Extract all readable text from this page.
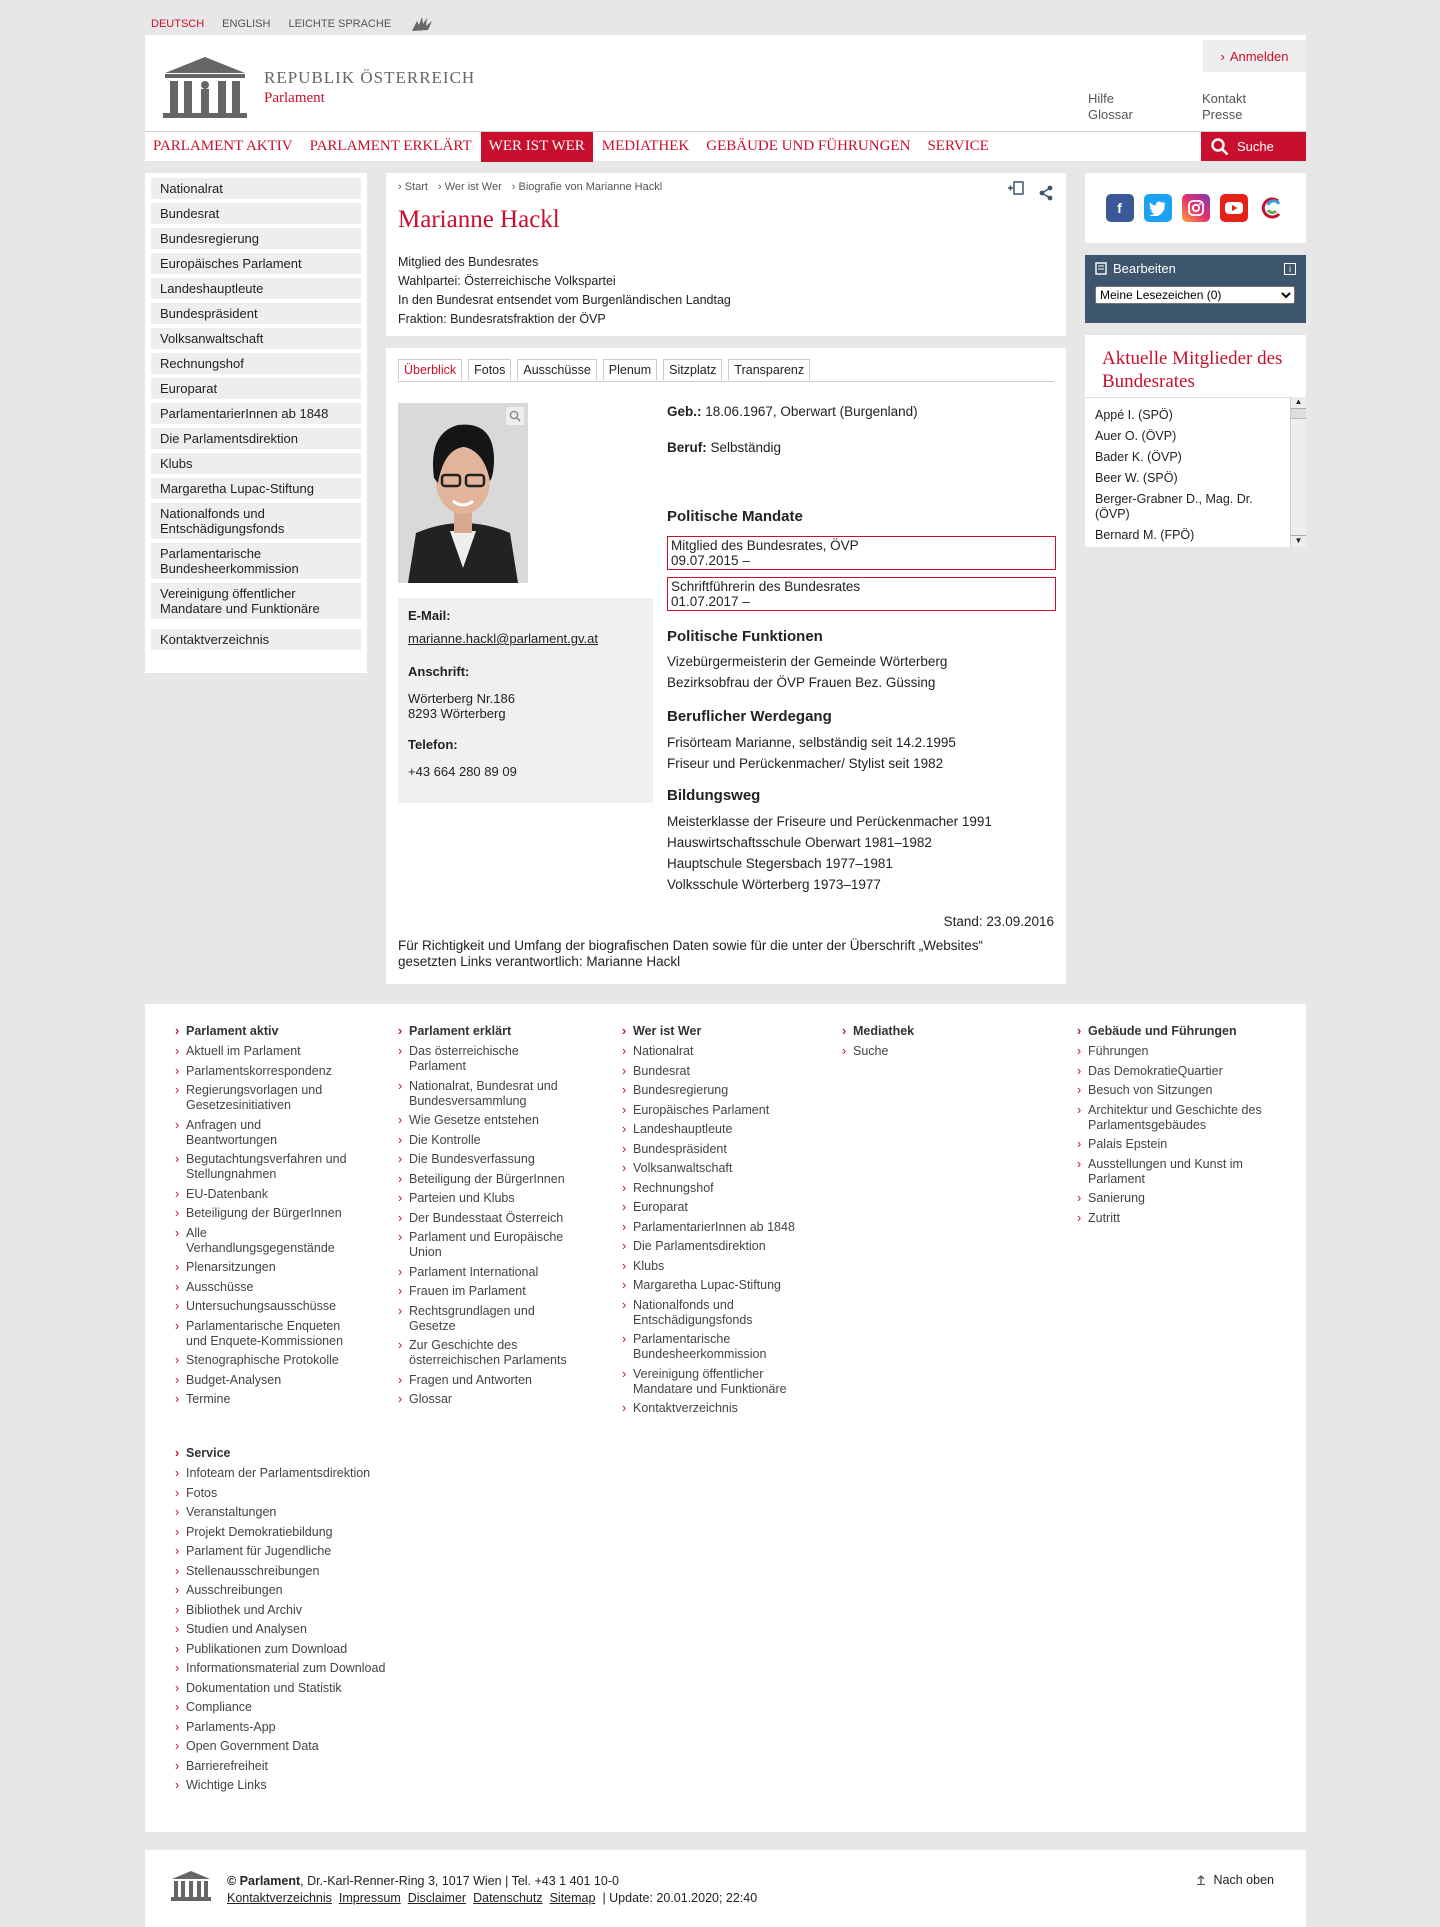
DEUTSCH ENGLISH LEICHTE SPRACHE
REPUBLIK ÖSTERREICH
Parlament
› Anmelden
Hilfe
Glossar
Kontakt
Presse
PARLAMENT AKTIV	PARLAMENT ERKLÄRT	WER IST WER	MEDIATHEK	GEBÄUDE UND FÜHRUNGEN	SERVICE	Suche
Nationalrat
Bundesrat
Bundesregierung
Europäisches Parlament
Landeshauptleute
Bundespräsident
Volksanwaltschaft
Rechnungshof
Europarat
ParlamentarierInnen ab 1848
Die Parlamentsdirektion
Klubs
Margaretha Lupac-Stiftung
Nationalfonds und Entschädigungsfonds
Parlamentarische Bundesheerkommission
Vereinigung öffentlicher Mandatare und Funktionäre
Kontaktverzeichnis
› Start	› Wer ist Wer	› Biografie von Marianne Hackl
Marianne Hackl
Mitglied des Bundesrates
Wahlpartei: Österreichische Volkspartei
In den Bundesrat entsendet vom Burgenländischen Landtag
Fraktion: Bundesratsfraktion der ÖVP
Überblick	Fotos	Ausschüsse	Plenum	Sitzplatz	Transparenz
E-Mail:
marianne.hackl@parlament.gv.at
Anschrift:
Wörterberg Nr.186
8293 Wörterberg
Telefon:
+43 664 280 89 09
Geb.: 18.06.1967, Oberwart (Burgenland)
Beruf: Selbständig
Politische Mandate
Mitglied des Bundesrates, ÖVP
09.07.2015 –
Schriftführerin des Bundesrates
01.07.2017 –
Politische Funktionen
Vizebürgermeisterin der Gemeinde Wörterberg
Bezirksobfrau der ÖVP Frauen Bez. Güssing
Beruflicher Werdegang
Frisörteam Marianne, selbständig seit 14.2.1995
Friseur und Perückenmacher/ Stylist seit 1982
Bildungsweg
Meisterklasse der Friseure und Perückenmacher 1991
Hauswirtschaftsschule Oberwart 1981–1982
Hauptschule Stegersbach 1977–1981
Volksschule Wörterberg 1973–1977
Stand: 23.09.2016
Für Richtigkeit und Umfang der biografischen Daten sowie für die unter der Überschrift „Websites“ gesetzten Links verantwortlich: Marianne Hackl
f
Bearbeiten	i
Meine Lesezeichen (0)
Aktuelle Mitglieder des Bundesrates
Appé I. (SPÖ)
Auer O. (ÖVP)
Bader K. (ÖVP)
Beer W. (SPÖ)
Berger-Grabner D., Mag. Dr. (ÖVP)
Bernard M. (FPÖ)
▲
▼
› Parlament aktiv
› Aktuell im Parlament
› Parlamentskorrespondenz
› Regierungsvorlagen und Gesetzesinitiativen
› Anfragen und Beantwortungen
› Begutachtungsverfahren und Stellungnahmen
› EU-Datenbank
› Beteiligung der BürgerInnen
› Alle Verhandlungsgegenstände
› Plenarsitzungen
› Ausschüsse
› Untersuchungsausschüsse
› Parlamentarische Enqueten und Enquete-Kommissionen
› Stenographische Protokolle
› Budget-Analysen
› Termine
› Parlament erklärt
› Das österreichische Parlament
› Nationalrat, Bundesrat und Bundesversammlung
› Wie Gesetze entstehen
› Die Kontrolle
› Die Bundesverfassung
› Beteiligung der BürgerInnen
› Parteien und Klubs
› Der Bundesstaat Österreich
› Parlament und Europäische Union
› Parlament International
› Frauen im Parlament
› Rechtsgrundlagen und Gesetze
› Zur Geschichte des österreichischen Parlaments
› Fragen und Antworten
› Glossar
› Wer ist Wer
› Nationalrat
› Bundesrat
› Bundesregierung
› Europäisches Parlament
› Landeshauptleute
› Bundespräsident
› Volksanwaltschaft
› Rechnungshof
› Europarat
› ParlamentarierInnen ab 1848
› Die Parlamentsdirektion
› Klubs
› Margaretha Lupac-Stiftung
› Nationalfonds und Entschädigungsfonds
› Parlamentarische Bundesheerkommission
› Vereinigung öffentlicher Mandatare und Funktionäre
› Kontaktverzeichnis
› Mediathek
› Suche
› Gebäude und Führungen
› Führungen
› Das DemokratieQuartier
› Besuch von Sitzungen
› Architektur und Geschichte des Parlamentsgebäudes
› Palais Epstein
› Ausstellungen und Kunst im Parlament
› Sanierung
› Zutritt
› Service
› Infoteam der Parlamentsdirektion
› Fotos
› Veranstaltungen
› Projekt Demokratiebildung
› Parlament für Jugendliche
› Stellenausschreibungen
› Ausschreibungen
› Bibliothek und Archiv
› Studien und Analysen
› Publikationen zum Download
› Informationsmaterial zum Download
› Dokumentation und Statistik
› Compliance
› Parlaments-App
› Open Government Data
› Barrierefreiheit
› Wichtige Links
© Parlament, Dr.-Karl-Renner-Ring 3, 1017 Wien | Tel. +43 1 401 10-0
Kontaktverzeichnis Impressum Disclaimer Datenschutz Sitemap | Update: 20.01.2020; 22:40
Nach oben
